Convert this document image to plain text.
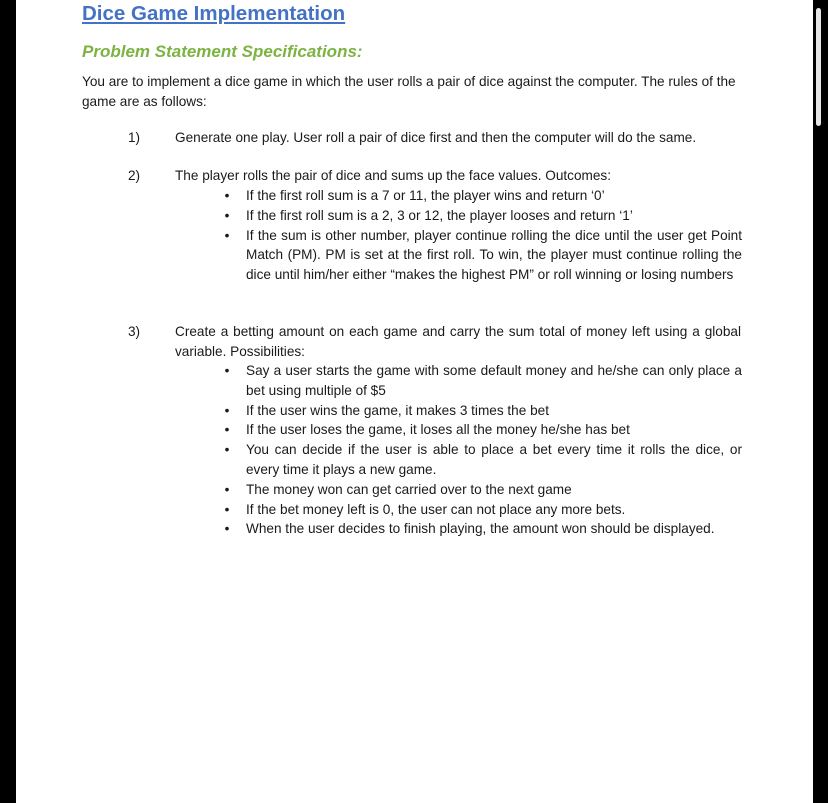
Dice Game Implementation
Problem Statement Specifications:
You are to implement a dice game in which the user rolls a pair of dice against the computer. The rules of the game are as follows:
1)	Generate one play. User roll a pair of dice first and then the computer will do the same.
2)	The player rolls the pair of dice and sums up the face values. Outcomes:
• If the first roll sum is a 7 or 11, the player wins and return ‘0’
• If the first roll sum is a 2, 3 or 12, the player looses and return ‘1’
• If the sum is other number, player continue rolling the dice until the user get Point Match (PM). PM is set at the first roll. To win, the player must continue rolling the dice until him/her either “makes the highest PM” or roll winning or losing numbers
3)	Create a betting amount on each game and carry the sum total of money left using a global variable. Possibilities:
• Say a user starts the game with some default money and he/she can only place a bet using multiple of $5
• If the user wins the game, it makes 3 times the bet
• If the user loses the game, it loses all the money he/she has bet
• You can decide if the user is able to place a bet every time it rolls the dice, or every time it plays a new game.
• The money won can get carried over to the next game
• If the bet money left is 0, the user can not place any more bets.
• When the user decides to finish playing, the amount won should be displayed.
